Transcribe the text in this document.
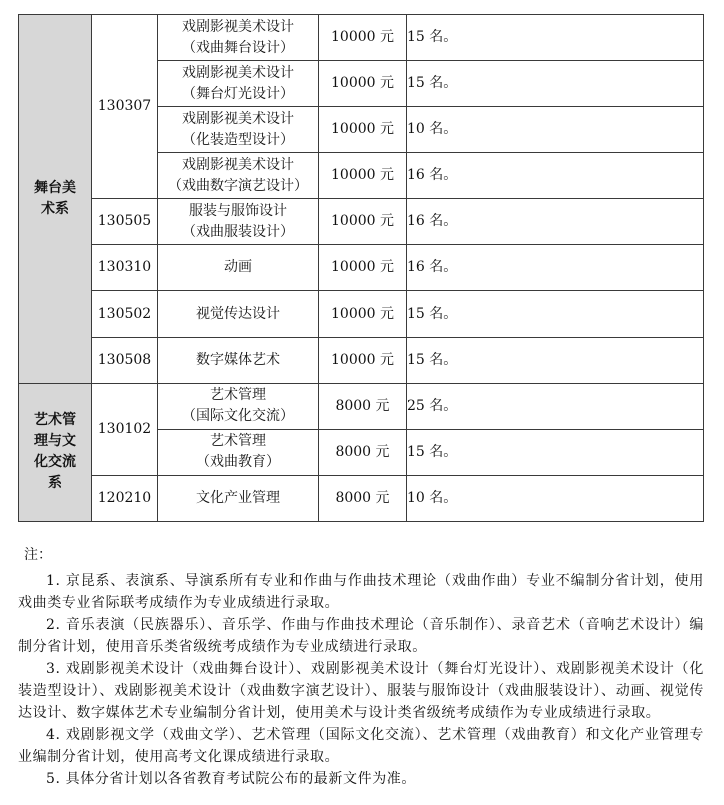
舞台美术系	130307	戏剧影视美术设计
（戏曲舞台设计）	10000 元	15 名。

		戏剧影视美术设计
（舞台灯光设计）	10000 元	15 名。

		戏剧影视美术设计
（化装造型设计）	10000 元	10 名。

		戏剧影视美术设计
（戏曲数字演艺设计）	10000 元	16 名。
	130505	服装与服饰设计
（戏曲服装设计）	10000 元	16 名。
	130310	动画	10000 元	16 名。
	130502	视觉传达设计	10000 元	15 名。
	130508	数字媒体艺术	10000 元	15 名。
艺术管理与文化交流系	130102	艺术管理
（国际文化交流）	8000 元	25 名。

		艺术管理
（戏曲教育）	8000 元	15 名。
	120210	文化产业管理	8000 元	10 名。
注：

1. 京昆系、表演系、导演系所有专业和作曲与作曲技术理论（戏曲作曲）专业不编制分省计划，使用戏曲类专业省际联考成绩作为专业成绩进行录取。

2. 音乐表演（民族器乐）、音乐学、作曲与作曲技术理论（音乐制作）、录音艺术（音响艺术设计）编制分省计划，使用音乐类省级统考成绩作为专业成绩进行录取。

3. 戏剧影视美术设计（戏曲舞台设计）、戏剧影视美术设计（舞台灯光设计）、戏剧影视美术设计（化装造型设计）、戏剧影视美术设计（戏曲数字演艺设计）、服装与服饰设计（戏曲服装设计）、动画、视觉传达设计、数字媒体艺术专业编制分省计划，使用美术与设计类省级统考成绩作为专业成绩进行录取。

4. 戏剧影视文学（戏曲文学）、艺术管理（国际文化交流）、艺术管理（戏曲教育）和文化产业管理专业编制分省计划，使用高考文化课成绩进行录取。

5. 具体分省计划以各省教育考试院公布的最新文件为准。
